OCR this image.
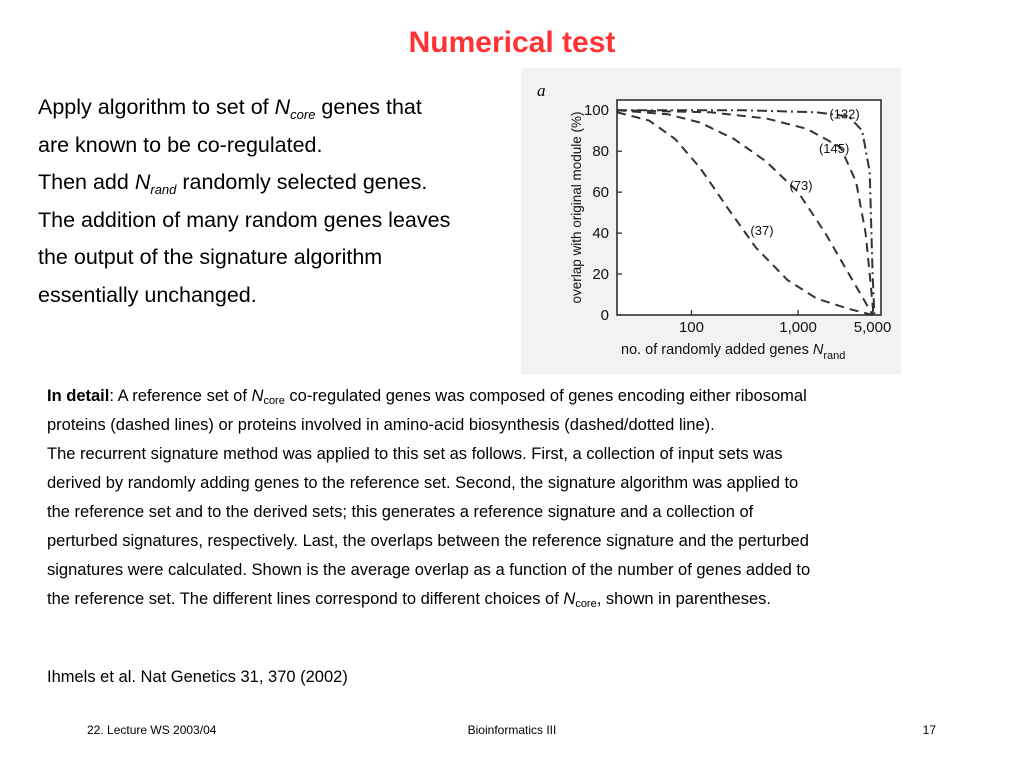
Numerical test
Apply algorithm to set of $N_{core}$ genes that
are known to be co-regulated.
Then add $N_{rand}$ randomly selected genes.
The addition of many random genes leaves
the output of the signature algorithm
essentially unchanged.
a
0
20
40
60
80
100
100	1,000 5,000
overlap with original module (%)
no. of randomly added genes $N_{rand}$
(132)
(145)
(73)
(37)
In detail: A reference set of $N_{core}$ co-regulated genes was composed of genes encoding either ribosomal
proteins (dashed lines) or proteins involved in amino-acid biosynthesis (dashed/dotted line).
The recurrent signature method was applied to this set as follows. First, a collection of input sets was
derived by randomly adding genes to the reference set. Second, the signature algorithm was applied to
the reference set and to the derived sets; this generates a reference signature and a collection of
perturbed signatures, respectively. Last, the overlaps between the reference signature and the perturbed
signatures were calculated. Shown is the average overlap as a function of the number of genes added to
the reference set. The different lines correspond to different choices of $N_{core}$, shown in parentheses.
Ihmels et al. Nat Genetics 31, 370 (2002)
22. Lecture WS 2003/04	Bioinformatics III	17
